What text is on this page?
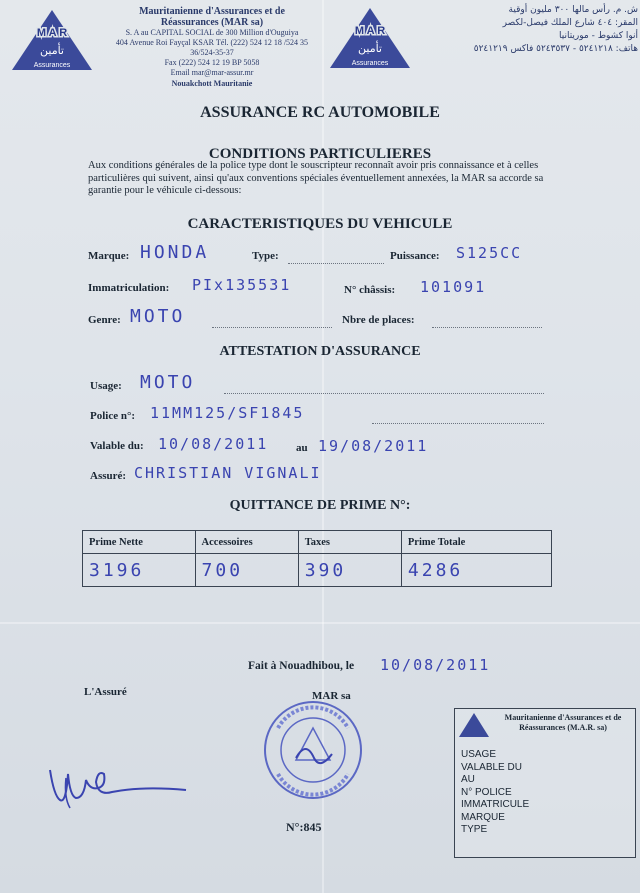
M A R
تأمين
Assurances
Mauritanienne d'Assurances et de
Réassurances (MAR sa)
S. A au CAPITAL SOCIAL de 300 Million d'Ouguiya
404 Avenue Roi Fayçal KSAR Tél. (222) 524 12 18 /524 35
36/524-35-37
Fax (222) 524 12 19 BP 5058
Email mar@mar-assur.mr
Nouakchott Mauritanie
M A R
تأمين
Assurances
ش. م. رأس مالها ٣٠٠ مليون أوقية
المقر: ٤٠٤ شارع الملك فيصل-لكصر
أنوا كشوط - موريتانيا
هاتف: ٥٢٤١٢١٨ - ٥٢٤٣٥٣٧ فاكس ٥٢٤١٢١٩
ASSURANCE RC AUTOMOBILE
CONDITIONS PARTICULIERES
Aux conditions générales de la police type dont le souscripteur reconnaît avoir pris connaissance et à celles particulières qui suivent, ainsi qu'aux conventions spéciales éventuellement annexées, la MAR sa accorde sa garantie pour le véhicule ci-dessous:
CARACTERISTIQUES DU VEHICULE
Marque: HONDA	Type:	Puissance: S125CC
Immatriculation: PIx135531	N° châssis: 101091
Genre: MOTO	Nbre de places:
ATTESTATION D'ASSURANCE
Usage: MOTO
Police n°: 11MM125/SF1845
Valable du: 10/08/2011	au 19/08/2011
Assuré: CHRISTIAN VIGNALI
QUITTANCE DE PRIME N°:
Prime Nette	Accessoires	Taxes	Prime Totale
3196	700	390	4286
Fait à Nouadhibou, le 10/08/2011
L'Assuré	MAR sa
N°:845
Mauritanienne d'Assurances et de
Réassurances (M.A.R. sa)
USAGE
VALABLE DU
AU
N° POLICE
IMMATRICULE
MARQUE
TYPE
